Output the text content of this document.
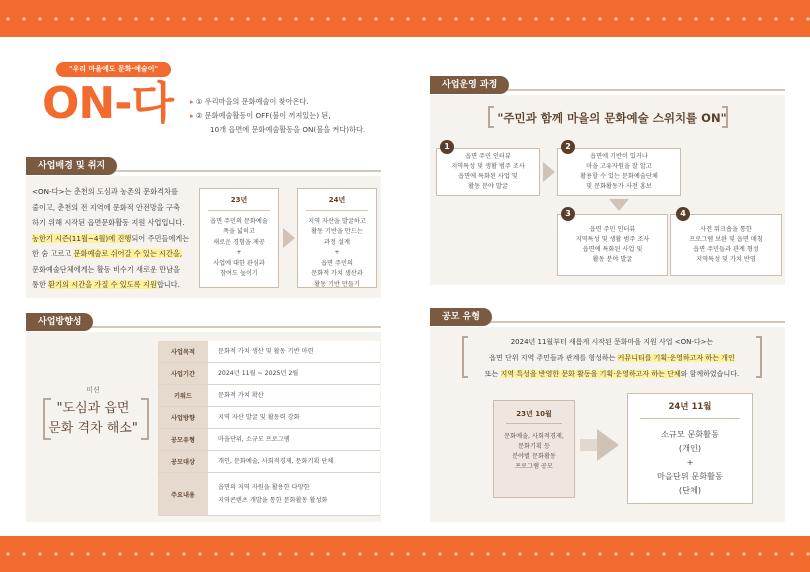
"우리 마을에도 문화·예술이"
ON-다 ▸ ① 우리마을의 문화예술이 찾아온다.
▸ ② 문화예술활동이 OFF(불이 꺼져있는) 된,
10개 읍면에 문화예술활동을 ON(불을 켜다)하다.
사업배경 및 취지
<ON-다>는 춘천의 도심과 농촌의 문화격차를
줄이고, 춘천의 전 지역에 문화적 안전망을 구축
하기 위해 시작된 읍면문화활동 지원 사업입니다.
농한기 시즌(11월~4월)에 진행되어 주민들에게는
한 숨 고르고 문화예술로 쉬어갈 수 있는 시간을,
문화예술단체에게는 활동 비수기 새로운 만남을
통한 환기의 시간을 가질 수 있도록 지원합니다.
23년
읍면 주민의 문화예술
폭을 넓히고
새로운 경험을 제공
+
사업에 대한 관심과
참여도 높이기
24년
지역 자산을 발굴하고
활동 기반을 만드는
과정 설계
+
읍면 주민의
문화적 가치 생산과
활동 기반 만들기
사업방향성
미션
"도심과 읍면
문화 격차 해소"
사업목적	문화적 가치 생산 및 활동 기반 마련
사업기간	2024년 11월 ~ 2025년 2월
키워드	문화적 가치 확산
사업방향	지역 자산 발굴 및 활동력 강화
공모유형	마을단위, 소규모 프로그램
공모대상	개인, 문화예술, 사회적경제, 문화기획 단체
주요내용
읍면의 지역 자원을 활용한 다양한
지역콘텐츠 개발을 통한 문화활동 활성화
사업운영 과정
"주민과 함께 마을의 문화예술 스위치를 ON"
읍면 주민 인터뷰
지역특성 및 생활 범주 조사
읍면에 특화된 사업 및
활동 분야 발굴
1
읍면에 기반이 있거나
마을 고유자원을 잘 알고
활용할 수 있는 문화예술단체
및 문화활동가 사전 홍보
2
읍면 주민 인터뷰
지역특성 및 생활 범주 조사
읍면에 특화된 사업 및
활동 분야 발굴
3
사전 워크숍을 통한
프로그램 보완 및 읍면 매칭
읍면 주민들과 관계 형성
지역특성 및 가치 반영
4
공모 유형
2024년 11월부터 새롭게 시작된 문화마을 지원 사업 <ON-다>는
읍면 단위 지역 주민들과 관계를 형성하는 커뮤니티를 기획·운영하고자 하는 개인
또는 지역 특성을 반영한 문화 활동을 기획·운영하고자 하는 단체와 함께하였습니다.
23년 10월
문화예술, 사회적경제,
문화기획 등
분야별 문화활동
프로그램 공모
24년 11월
소규모 문화활동
(개인)
+
마을단위 문화활동
(단체)
